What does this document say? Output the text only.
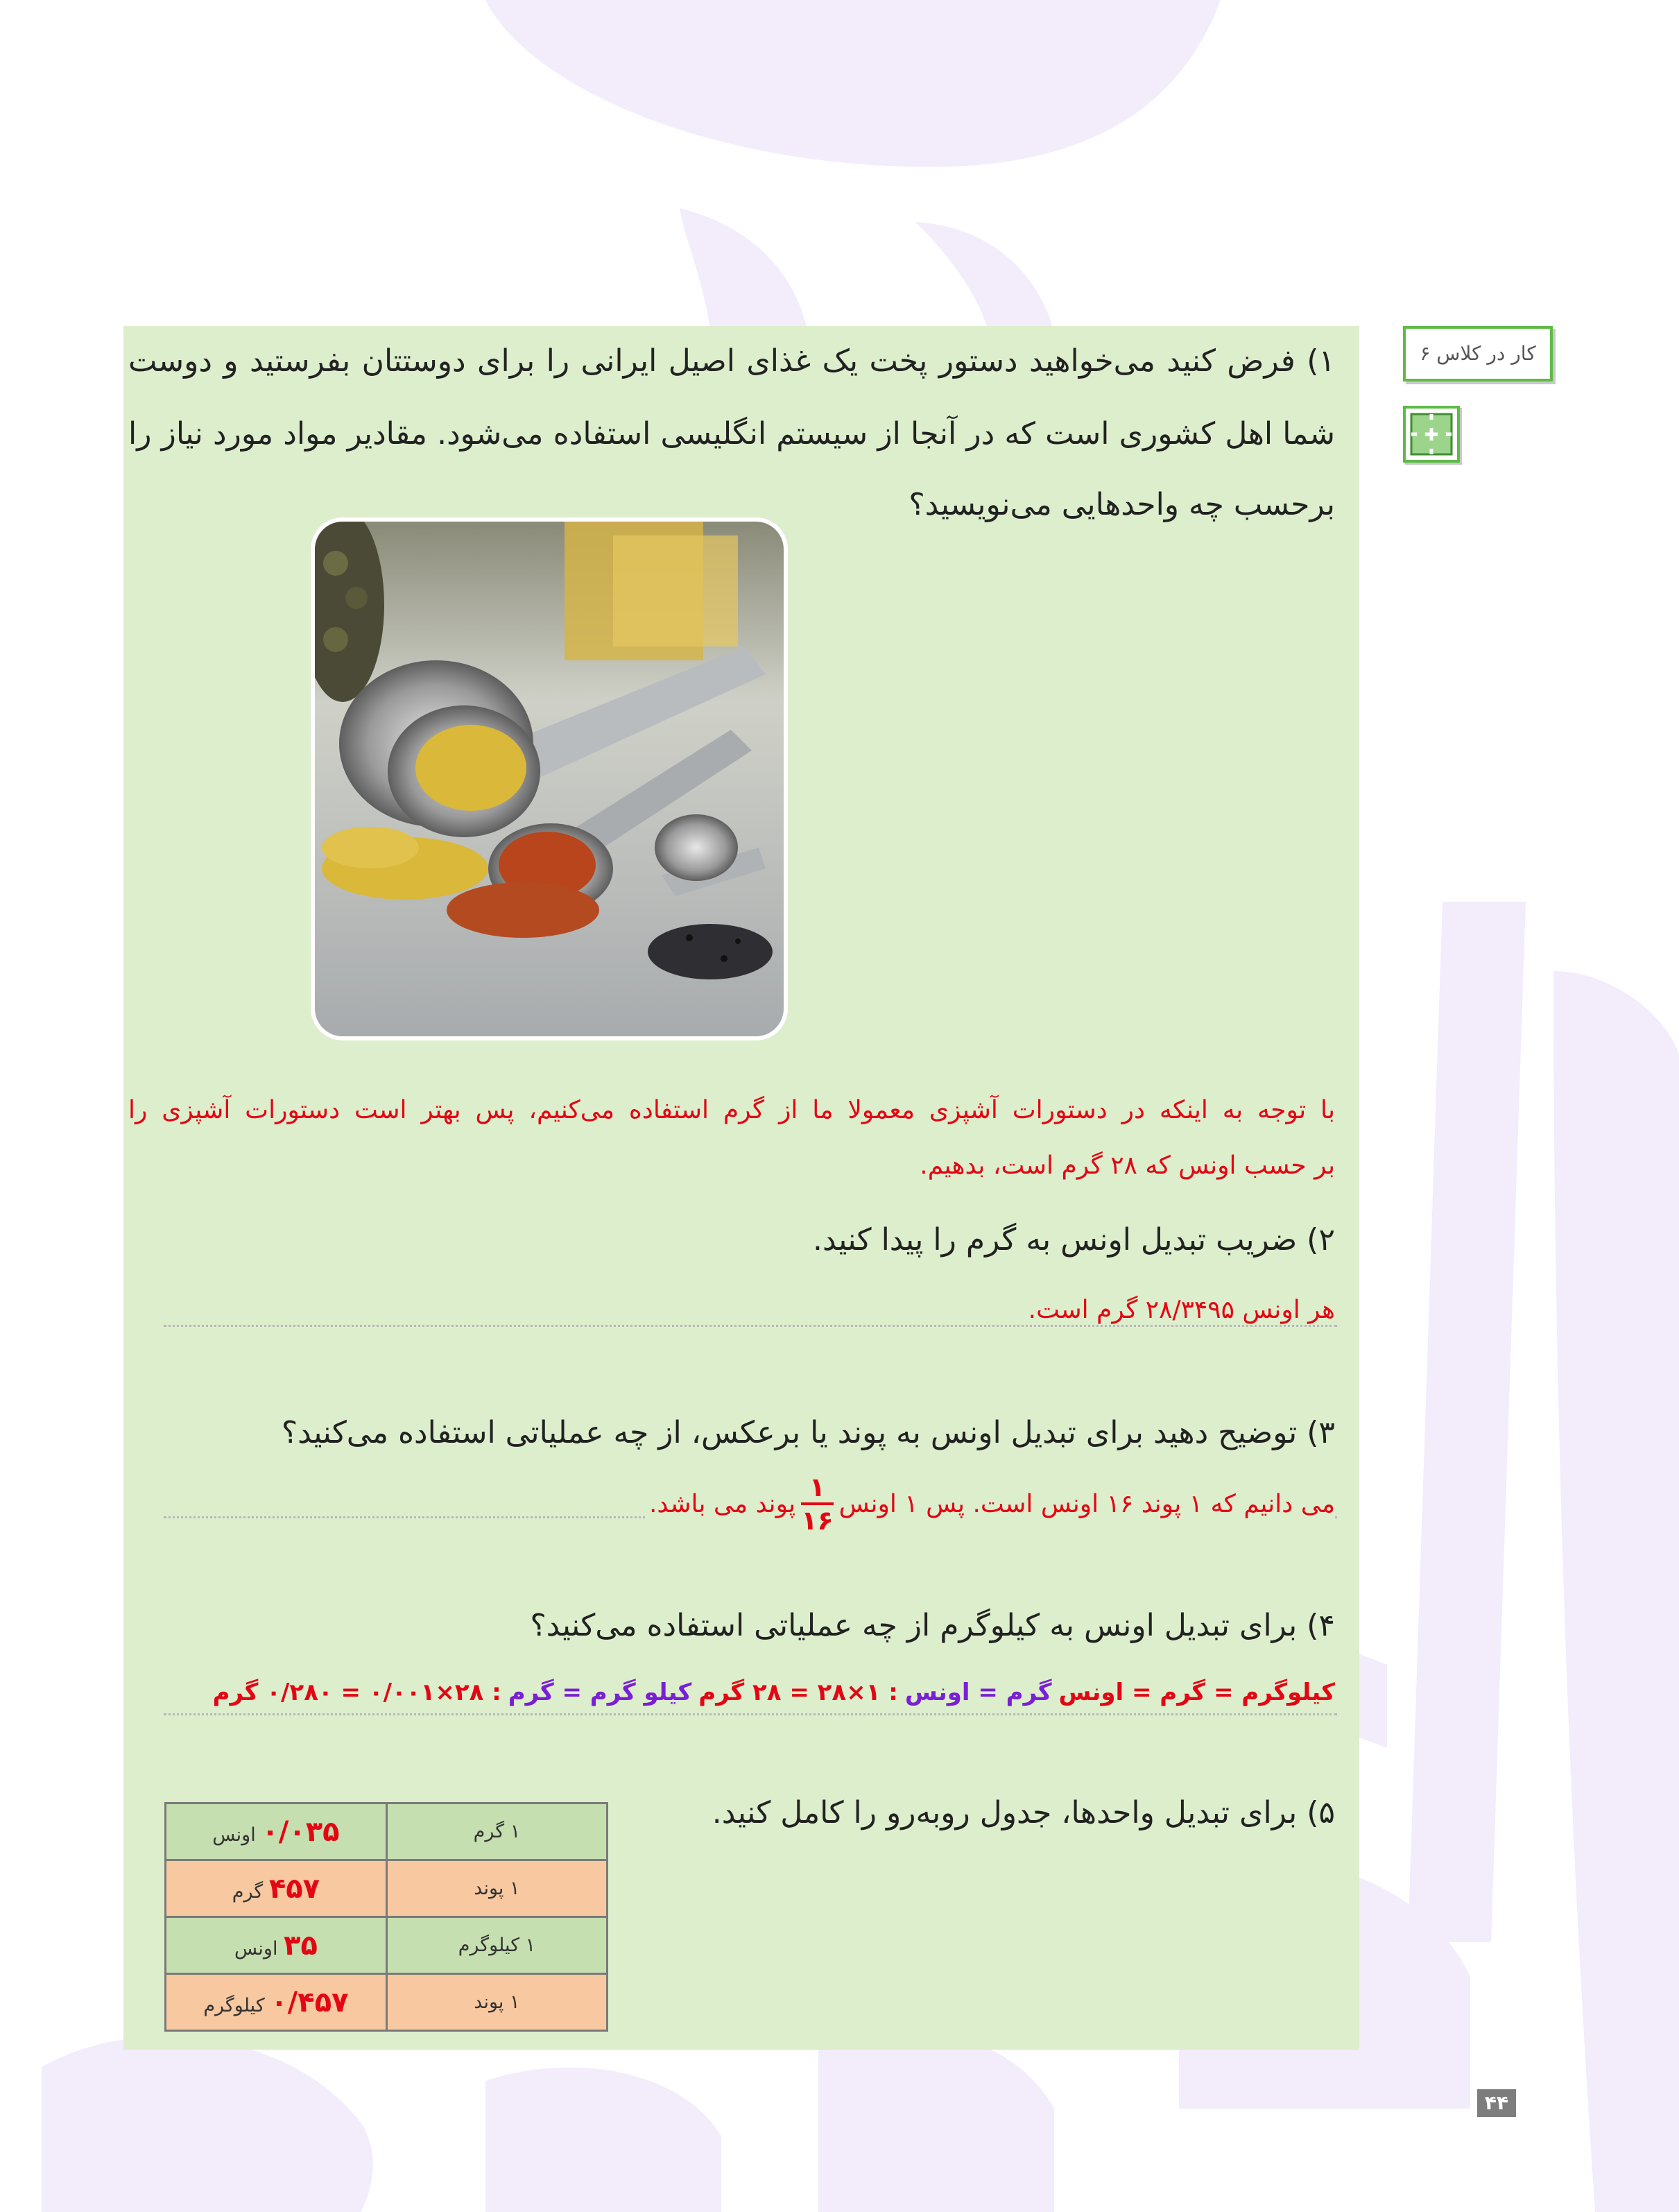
کار در کلاس ۶
۱) فرض کنید می‌خواهید دستور پخت یک غذای اصیل ایرانی را برای دوستتان بفرستید و دوست
شما اهل کشوری است که در آنجا از سیستم انگلیسی استفاده می‌شود. مقادیر مواد مورد نیاز را
برحسب چه واحدهایی می‌نویسید؟
با توجه به اینکه در دستورات آشپزی معمولا ما از گرم استفاده می‌کنیم، پس بهتر است دستورات آشپزی را
بر حسب اونس که ۲۸ گرم است، بدهیم.
۲) ضریب تبدیل اونس به گرم را پیدا کنید.
هر اونس ۲۸/۳۴۹۵ گرم است.
۳) توضیح دهید برای تبدیل اونس به پوند یا برعکس، از چه عملیاتی استفاده می‌کنید؟
می دانیم که ۱ پوند ۱۶ اونس است. پس ۱ اونس
$\frac{۱}{۱۶}$
پوند می باشد.
۴) برای تبدیل اونس به کیلوگرم از چه عملیاتی استفاده می‌کنید؟
کیلوگرم = گرم = اونس
گرم = اونس
: ۱×۲۸ = ۲۸ گرم
کیلو گرم = گرم
: ۲۸×۰/۰۰۱ = ۰/۲۸۰ گرم
۵) برای تبدیل واحدها، جدول روبه‌رو را کامل کنید.
۱ گرم	۰/۰۳۵ اونس
۱ پوند	۴۵۷ گرم
۱ کیلوگرم	۳۵ اونس
۱ پوند	۰/۴۵۷ کیلوگرم
۴۴
